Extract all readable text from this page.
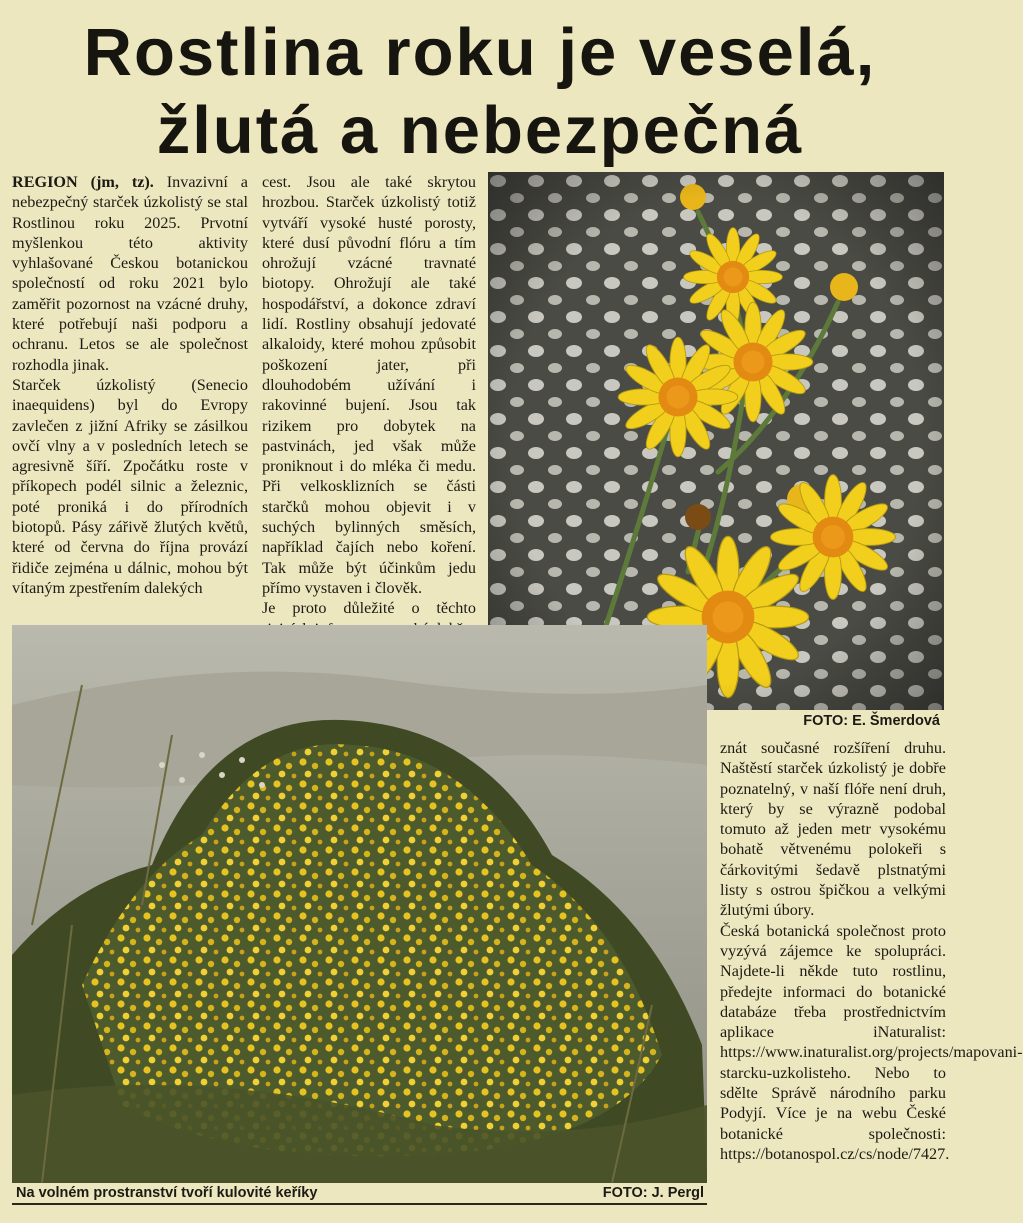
Rostlina roku je veselá,
žlutá a nebezpečná

REGION (jm, tz). Invazivní a nebezpečný starček úzkolistý se stal Rostlinou roku 2025. Prvotní myšlenkou této aktivity vyhlašované Českou botanickou společností od roku 2021 bylo zaměřit pozornost na vzácné druhy, které potřebují naši podporu a ochranu. Letos se ale společnost rozhodla jinak.

Starček úzkolistý (Senecio inaequidens) byl do Evropy zavlečen z jižní Afriky se zásilkou ovčí vlny a v posledních letech se agresivně šíří. Zpočátku roste v příkopech podél silnic a železnic, poté proniká i do přírodních biotopů. Pásy zářivě žlutých květů, které od června do října provází řidiče zejména u dálnic, mohou být vítaným zpestřením dalekých

cest. Jsou ale také skrytou hrozbou. Starček úzkolistý totiž vytváří vysoké husté porosty, které dusí původní flóru a tím ohrožují vzácné travnaté biotopy. Ohrožují ale také hospodářství, a dokonce zdraví lidí. Rostliny obsahují jedovaté alkaloidy, které mohou způsobit poškození jater, při dlouhodobém užívání i rakovinné bujení. Jsou tak rizikem pro dobytek na pastvinách, jed však může proniknout i do mléka či medu. Při velkosklizních se části starčků mohou objevit i v suchých bylinných směsích, například čajích nebo koření. Tak může být účinkům jedu přímo vystaven i člověk.

Je proto důležité o těchto

znát současné rozšíření druhu. Naštěstí starček úzkolistý je dobře poznatelný, v naší flóře není druh, který by se výrazně podobal tomuto až jeden metr vysokému bohatě větvenému polokeři s čárkovitými šedavě plstnatými listy s ostrou špičkou a velkými žlutými úbory.

Česká botanická společnost proto vyzývá zájemce ke spolupráci. Najdete-li někde tuto rostlinu, předejte informaci do botanické databáze třeba prostřednictvím aplikace iNaturalist: https://www.inaturalist.org/projects/mapovani-starcku-uzkolisteho. Nebo to sdělte Správě národního parku Podyjí. Více je na webu České botanické společnosti: https://botanospol.cz/cs/node/7427.

FOTO: E. Šmerdová
Na volném prostranství tvoří kulovité keříky	FOTO: J. Pergl
